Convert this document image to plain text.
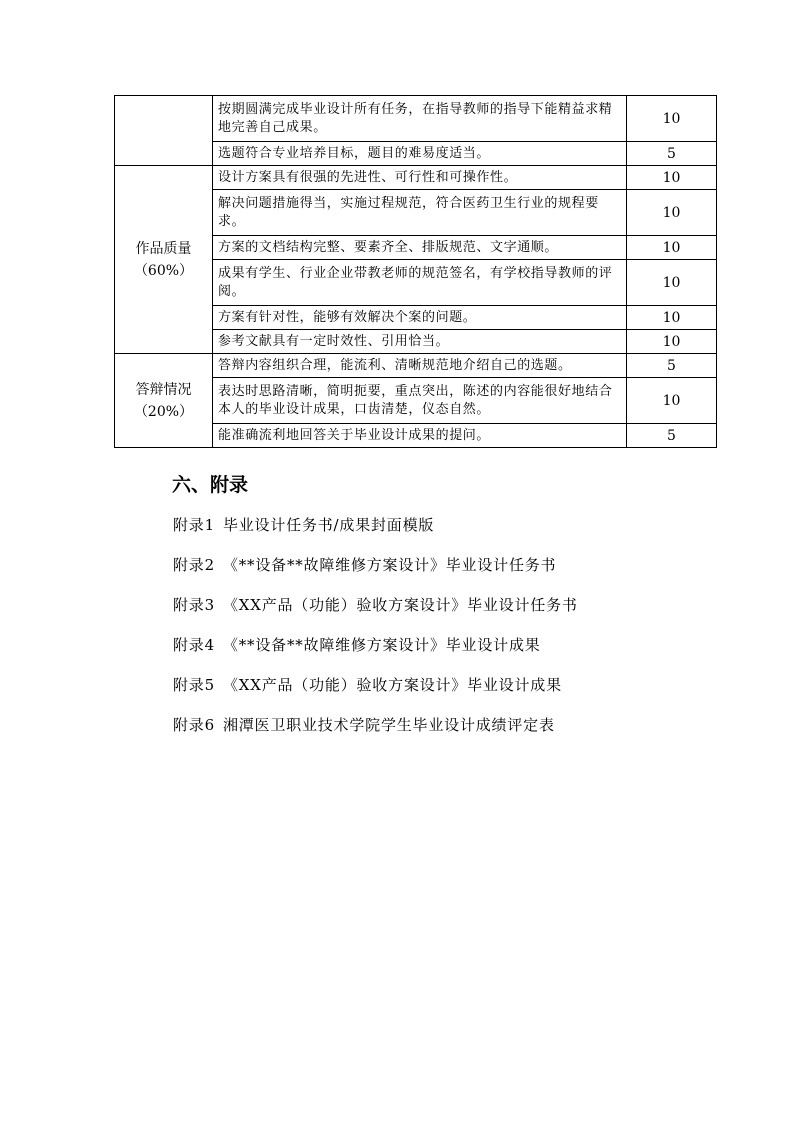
	按期圆满完成毕业设计所有任务，在指导教师的指导下能精益求精地完善自己成果。	10
	选题符合专业培养目标，题目的难易度适当。	5

作品质量
（60%）	设计方案具有很强的先进性、可行性和可操作性。	10
	解决问题措施得当，实施过程规范，符合医药卫生行业的规程要求。	10
	方案的文档结构完整、要素齐全、排版规范、文字通顺。	10
	成果有学生、行业企业带教老师的规范签名，有学校指导教师的评阅。	10
	方案有针对性，能够有效解决个案的问题。	10
	参考文献具有一定时效性、引用恰当。	10

答辩情况
（20%）	答辩内容组织合理，能流利、清晰规范地介绍自己的选题。	5
	表达时思路清晰，简明扼要，重点突出，陈述的内容能很好地结合本人的毕业设计成果，口齿清楚，仪态自然。	10
	能准确流利地回答关于毕业设计成果的提问。	5
六、附录
附录1 毕业设计任务书/成果封面模版
附录2 《**设备**故障维修方案设计》毕业设计任务书
附录3 《XX产品（功能）验收方案设计》毕业设计任务书
附录4 《**设备**故障维修方案设计》毕业设计成果
附录5 《XX产品（功能）验收方案设计》毕业设计成果
附录6 湘潭医卫职业技术学院学生毕业设计成绩评定表
